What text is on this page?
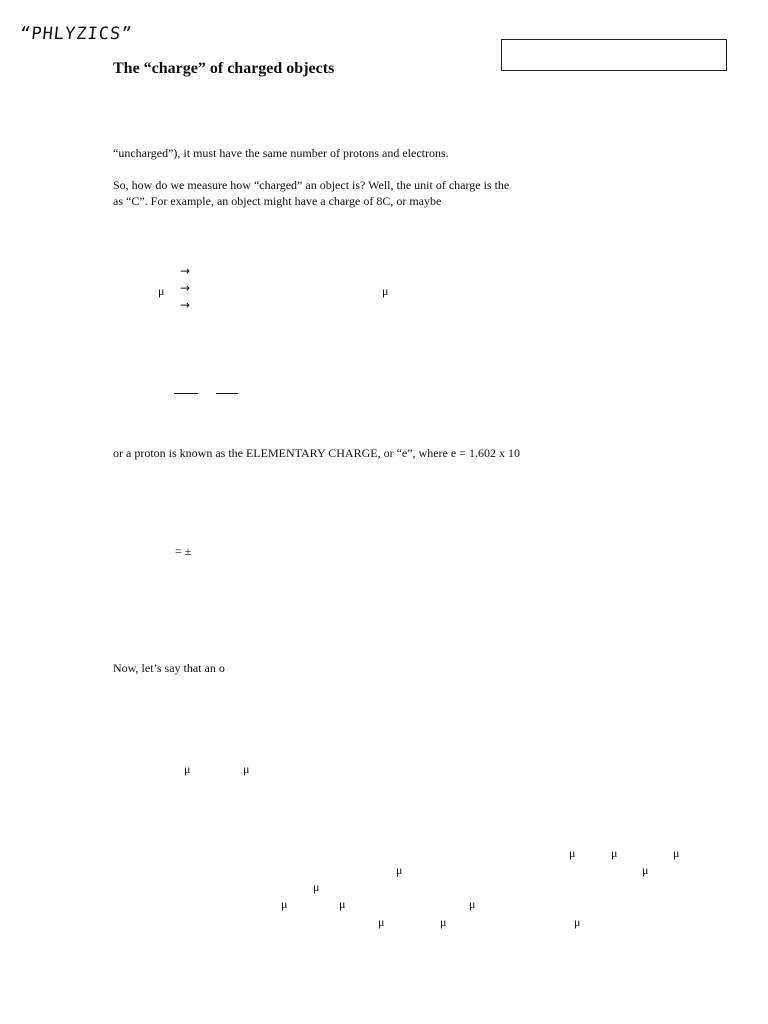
“PHLYZICS”
The “charge” of charged objects
“uncharged”), it must have the same number of protons and electrons.
So, how do we measure how “charged” an object is? Well, the unit of charge is the
as “C”. For example, an object might have a charge of 8C, or maybe
→
μ →	μ
→
or a proton is known as the ELEMENTARY CHARGE, or “e”, where e = 1.602 x 10
= ±
Now, let’s say that an o
μ	μ
μ	μ	μ
μ	μ
μ
μ	μ	μ
μ	μ	μ
